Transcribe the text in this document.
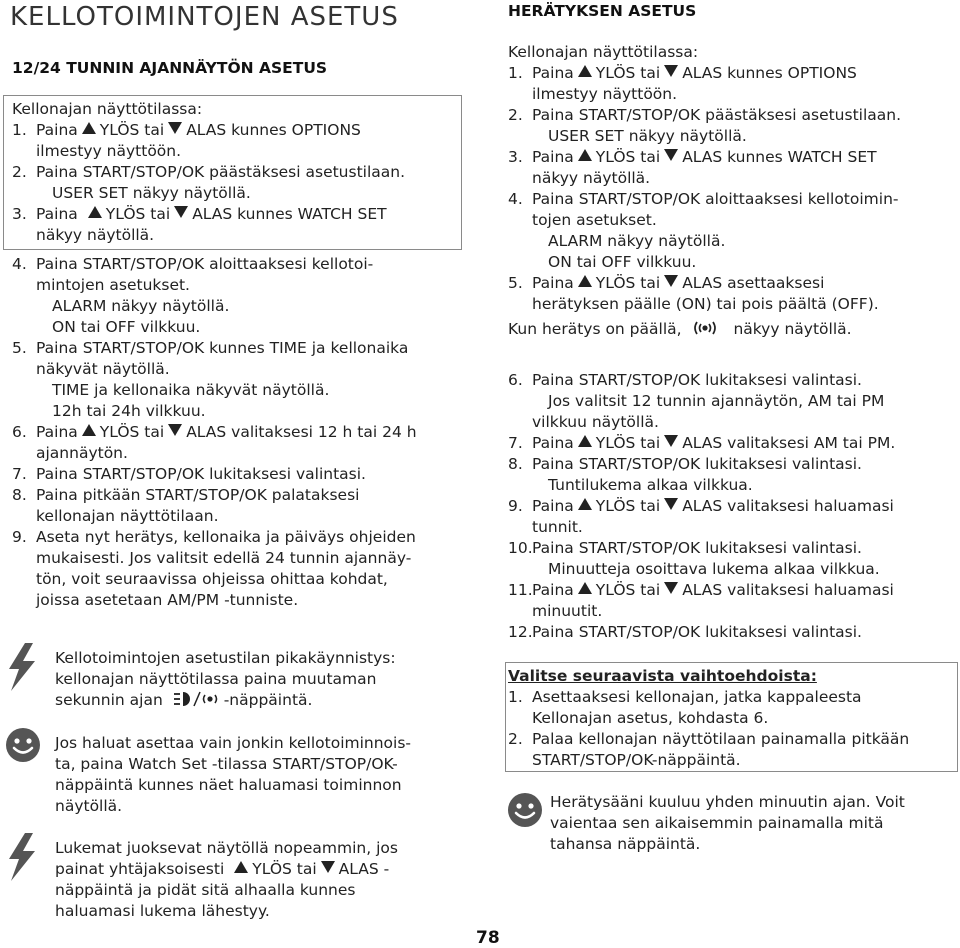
KELLOTOIMINTOJEN ASETUS
12/24 TUNNIN AJANNÄYTÖN ASETUS
Kellonajan näyttötilassa:
1. Paina YLÖS tai ALAS kunnes OPTIONS
ilmestyy näyttöön.
2. Paina START/STOP/OK päästäksesi asetustilaan.
USER SET näkyy näytöllä.
3. Paina YLÖS tai ALAS kunnes WATCH SET
näkyy näytöllä.
4. Paina START/STOP/OK aloittaaksesi kellotoi-
mintojen asetukset.
ALARM näkyy näytöllä.
ON tai OFF vilkkuu.
5. Paina START/STOP/OK kunnes TIME ja kellonaika
näkyvät näytöllä.
TIME ja kellonaika näkyvät näytöllä.
12h tai 24h vilkkuu.
6. Paina YLÖS tai ALAS valitaksesi 12 h tai 24 h
ajannäytön.
7. Paina START/STOP/OK lukitaksesi valintasi.
8. Paina pitkään START/STOP/OK palataksesi
kellonajan näyttötilaan.
9. Aseta nyt herätys, kellonaika ja päiväys ohjeiden
mukaisesti. Jos valitsit edellä 24 tunnin ajannäy-
tön, voit seuraavissa ohjeissa ohittaa kohdat,
joissa asetetaan AM/PM -tunniste.
Kellotoimintojen asetustilan pikakäynnistys:
kellonajan näyttötilassa paina muutaman
sekunnin ajan	-näppäintä.
Jos haluat asettaa vain jonkin kellotoiminnois-
ta, paina Watch Set -tilassa START/STOP/OK-
näppäintä kunnes näet haluamasi toiminnon
näytöllä.
Lukemat juoksevat näytöllä nopeammin, jos
painat yhtäjaksoisesti YLÖS tai ALAS -
näppäintä ja pidät sitä alhaalla kunnes
haluamasi lukema lähestyy.
HERÄTYKSEN ASETUS
Kellonajan näyttötilassa:
1. Paina YLÖS tai ALAS kunnes OPTIONS
ilmestyy näyttöön.
2. Paina START/STOP/OK päästäksesi asetustilaan.
USER SET näkyy näytöllä.
3. Paina YLÖS tai ALAS kunnes WATCH SET
näkyy näytöllä.
4. Paina START/STOP/OK aloittaaksesi kellotoimin-
tojen asetukset.
ALARM näkyy näytöllä.
ON tai OFF vilkkuu.
5. Paina YLÖS tai ALAS asettaaksesi
herätyksen päälle (ON) tai pois päältä (OFF).
Kun herätys on päällä,	näkyy näytöllä.
6. Paina START/STOP/OK lukitaksesi valintasi.
Jos valitsit 12 tunnin ajannäytön, AM tai PM
vilkkuu näytöllä.
7. Paina YLÖS tai ALAS valitaksesi AM tai PM.
8. Paina START/STOP/OK lukitaksesi valintasi.
Tuntilukema alkaa vilkkua.
9. Paina YLÖS tai ALAS valitaksesi haluamasi
tunnit.
10. Paina START/STOP/OK lukitaksesi valintasi.
Minuutteja osoittava lukema alkaa vilkkua.
11. Paina YLÖS tai ALAS valitaksesi haluamasi
minuutit.
12. Paina START/STOP/OK lukitaksesi valintasi.
Valitse seuraavista vaihtoehdoista:
1. Asettaaksesi kellonajan, jatka kappaleesta
Kellonajan asetus, kohdasta 6.
2. Palaa kellonajan näyttötilaan painamalla pitkään
START/STOP/OK-näppäintä.
Herätysääni kuuluu yhden minuutin ajan. Voit
vaientaa sen aikaisemmin painamalla mitä
tahansa näppäintä.
78
